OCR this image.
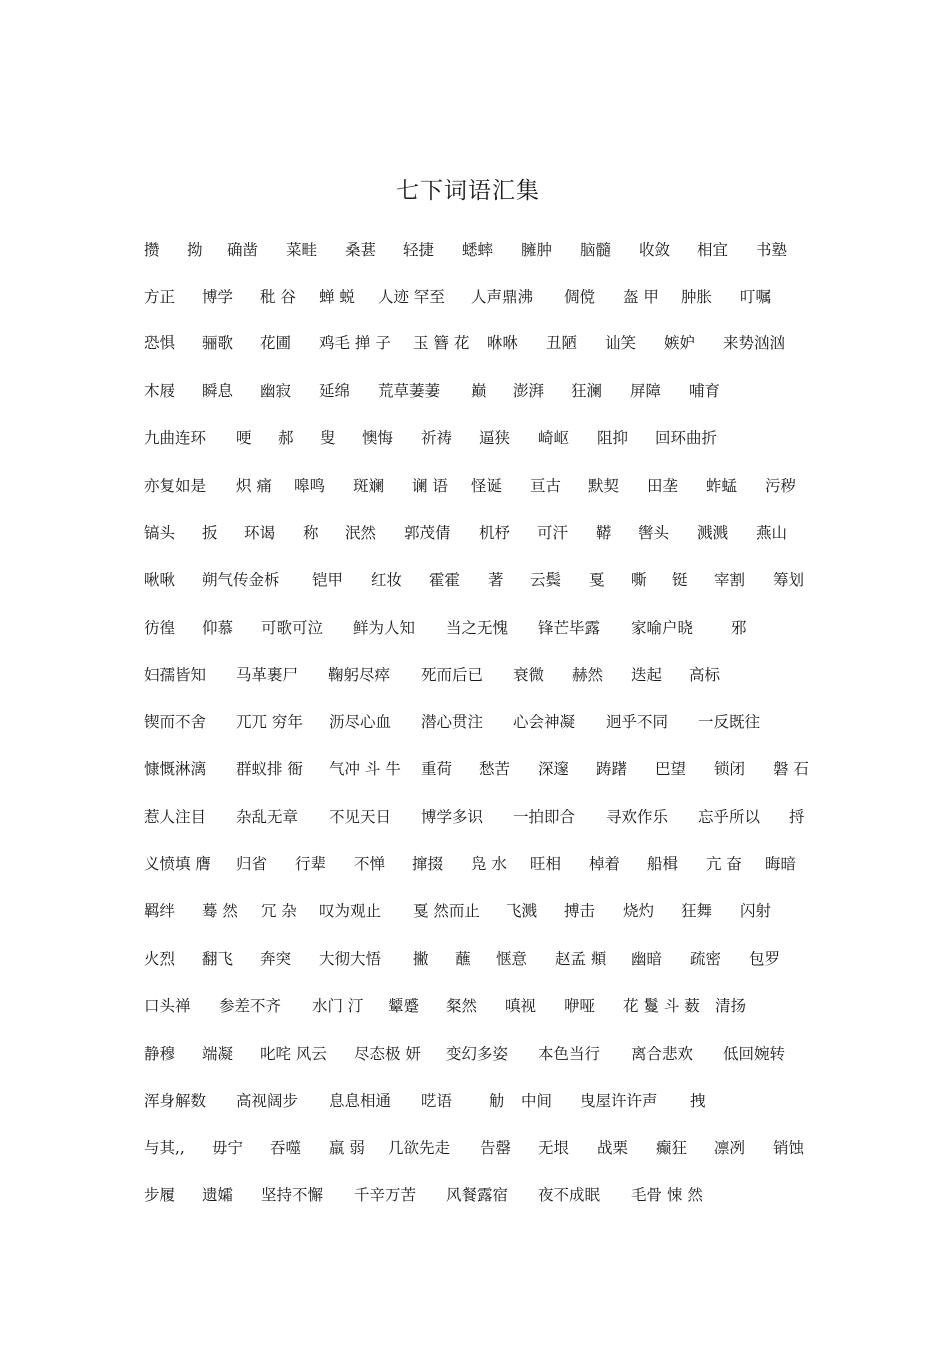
七下词语汇集
攒 拗 确凿 菜畦 桑葚 轻捷 蟋蟀 臃肿 脑髓 收敛 相宜 书塾
方正 博学 秕 谷 蝉 蜕 人迹 罕至 人声鼎沸 倜傥 盔 甲 肿胀 叮嘱
恐惧 骊歌 花圃 鸡毛 掸 子 玉 簪 花 咻咻 丑陋 讪笑 嫉妒 来势汹汹
木屐 瞬息 幽寂 延绵 荒草萋萋 巅 澎湃 狂澜 屏障 哺育
九曲连环 哽 郝 叟 懊悔 祈祷 逼狭 崎岖 阻抑 回环曲折
亦复如是 炽 痛 嗥鸣 斑斓 谰 语 怪诞 亘古 默契 田垄 蚱蜢 污秽
镐头 扳 环谒 称 泯然 郭茂倩 机杼 可汗 鞯 辔头 溅溅 燕山
啾啾 朔气传金柝 铠甲 红妆 霍霍 著 云鬓 戛 嘶 铤 宰割 筹划
彷徨 仰慕 可歌可泣 鲜为人知 当之无愧 锋芒毕露 家喻户晓 邪
妇孺皆知 马革裹尸 鞠躬尽瘁 死而后已 衰微 赫然 迭起 高标
锲而不舍 兀兀 穷年 沥尽心血 潜心贯注 心会神凝 迥乎不同 一反既往
慷慨淋漓 群蚁排 衙 气冲 斗 牛 重荷 愁苦 深邃 踌躇 巴望 锁闭 磐 石
惹人注目 杂乱无章 不见天日 博学多识 一拍即合 寻欢作乐 忘乎所以 捋
义愤填 膺 归省 行辈 不惮 撺掇 凫 水 旺相 棹着 船楫 亢 奋 晦暗
羁绊 蓦 然 冗 杂 叹为观止 戛 然而止 飞溅 搏击 烧灼 狂舞 闪射
火烈 翻飞 奔突 大彻大悟 撇 蘸 惬意 赵孟 頫 幽暗 疏密 包罗
口头禅 参差不齐 水门 汀 颦蹙 粲然 嗔视 咿哑 花 鬘 斗 薮 清扬
静穆 端凝 叱咤 风云 尽态极 妍 变幻多姿 本色当行 离合悲欢 低回婉转
浑身解数 高视阔步 息息相通 呓语 觔 中间 曳屋许许声 拽
与其,, 毋宁 吞噬 羸 弱 几欲先走 告罄 无垠 战栗 癫狂 凛冽 销蚀
步履 遗孀 坚持不懈 千辛万苦 风餐露宿 夜不成眠 毛骨 悚 然
